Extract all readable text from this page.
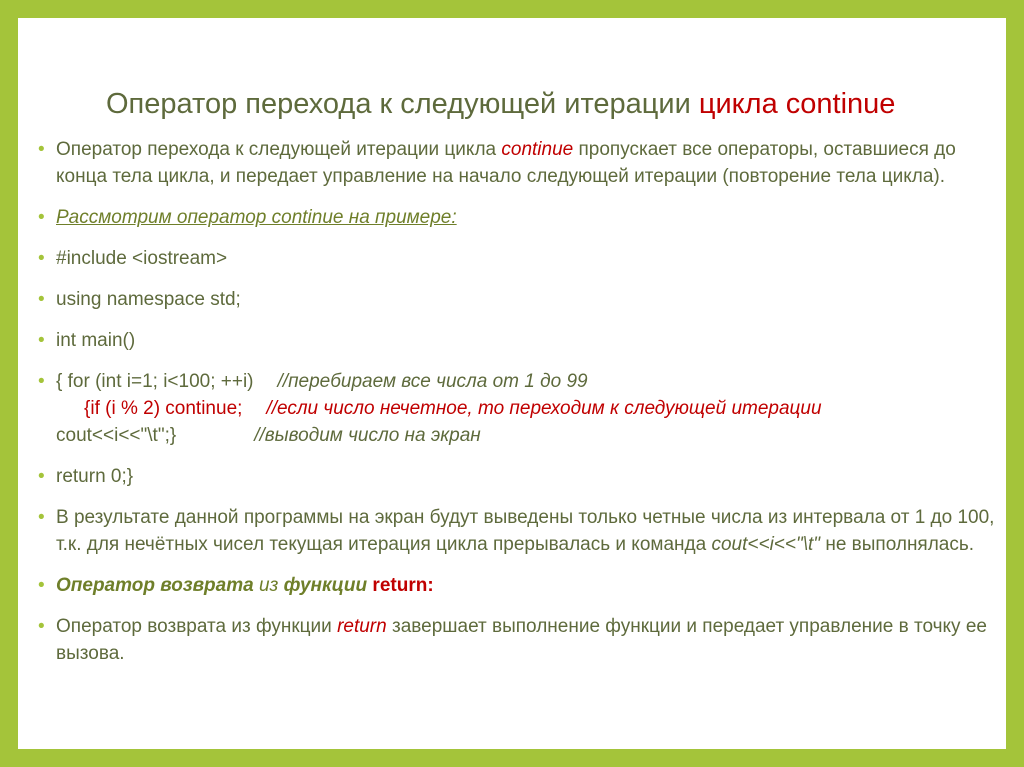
Оператор перехода к следующей итерации цикла continue
• Оператор перехода к следующей итерации цикла continue пропускает все операторы, оставшиеся до конца тела цикла, и передает управление на начало следующей итерации (повторение тела цикла).
• Рассмотрим оператор continue на примере:
• #include <iostream>
• using namespace std;
• int main()
• { for (int i=1; i<100; ++i) //перебираем все числа от 1 до 99
{if (i % 2) continue; //если число нечетное, то переходим к следующей итерации
cout<<i<<"\t";}	//выводим число на экран
• return 0;}
• В результате данной программы на экран будут выведены только четные числа из интервала от 1 до 100, т.к. для нечётных чисел текущая итерация цикла прерывалась и команда cout<<i<<"\t" не выполнялась.
• Оператор возврата из функции return:
• Оператор возврата из функции return завершает выполнение функции и передает управление в точку ее вызова.
